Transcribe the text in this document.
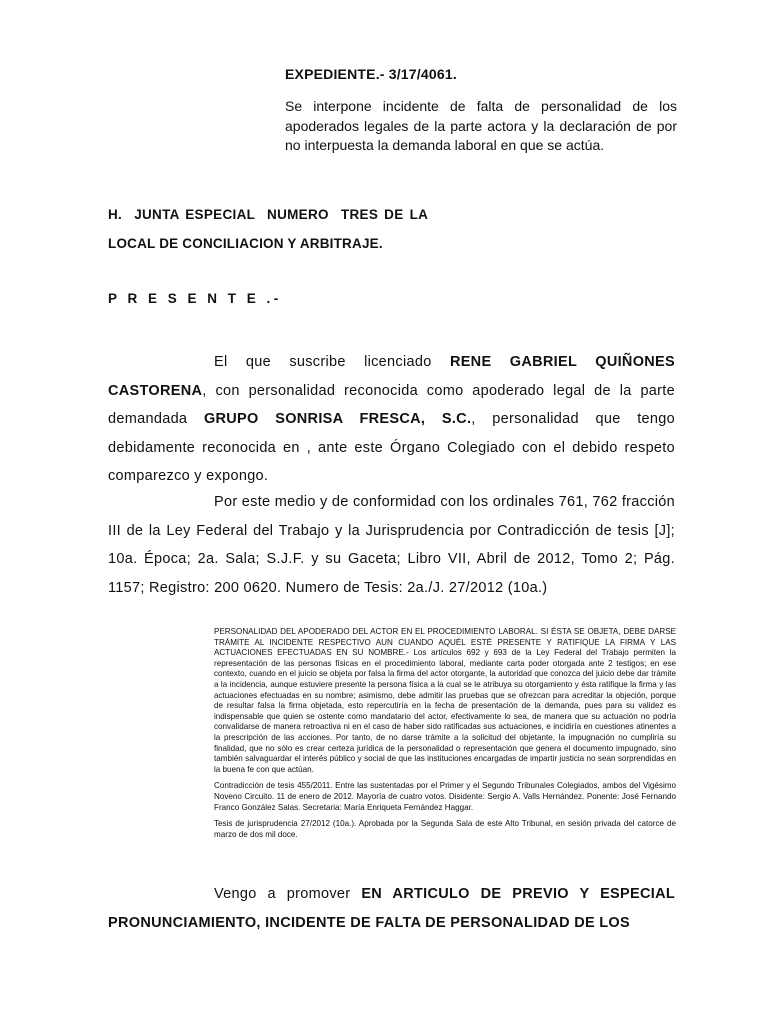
EXPEDIENTE.- 3/17/4061.
Se interpone incidente de falta de personalidad de los apoderados legales de la parte actora y la declaración de por no interpuesta la demanda laboral en que se actúa.
H.  JUNTA ESPECIAL  NUMERO  TRES DE LA
LOCAL DE CONCILIACION Y ARBITRAJE.
P R E S E N T E .-
El que suscribe licenciado RENE GABRIEL QUIÑONES CASTORENA, con personalidad reconocida como apoderado legal de la parte demandada GRUPO SONRISA FRESCA, S.C., personalidad que tengo debidamente reconocida en , ante este Órgano Colegiado con el debido respeto comparezco y expongo.
Por este medio y de conformidad con los ordinales 761, 762 fracción III de la Ley Federal del Trabajo y la Jurisprudencia por Contradicción de tesis [J]; 10a. Época; 2a. Sala; S.J.F. y su Gaceta; Libro VII, Abril de 2012, Tomo 2; Pág. 1157; Registro: 200 0620. Numero de Tesis: 2a./J. 27/2012 (10a.)

PERSONALIDAD DEL APODERADO DEL ACTOR EN EL PROCEDIMIENTO LABORAL. SI ÉSTA SE OBJETA, DEBE DARSE TRÁMITE AL INCIDENTE RESPECTIVO AUN CUANDO AQUÉL ESTÉ PRESENTE Y RATIFIQUE LA FIRMA Y LAS ACTUACIONES EFECTUADAS EN SU NOMBRE.- Los artículos 692 y 693 de la Ley Federal del Trabajo permiten la representación de las personas físicas en el procedimiento laboral, mediante carta poder otorgada ante 2 testigos; en ese contexto, cuando en el juicio se objeta por falsa la firma del actor otorgante, la autoridad que conozca del juicio debe dar trámite a la incidencia, aunque estuviere presente la persona física a la cual se le atribuya su otorgamiento y ésta ratifique la firma y las actuaciones efectuadas en su nombre; asimismo, debe admitir las pruebas que se ofrezcan para acreditar la objeción, porque de resultar falsa la firma objetada, esto repercutiría en la fecha de presentación de la demanda, pues para su validez es indispensable que quien se ostente como mandatario del actor, efectivamente lo sea, de manera que su actuación no podría convalidarse de manera retroactiva ni en el caso de haber sido ratificadas sus actuaciones, e incidiría en cuestiones atinentes a la prescripción de las acciones. Por tanto, de no darse trámite a la solicitud del objetante, la impugnación no cumpliría su finalidad, que no sólo es crear certeza jurídica de la personalidad o representación que genera el documento impugnado, sino también salvaguardar el interés público y social de que las instituciones encargadas de impartir justicia no sean sorprendidas en la buena fe con que actúan.

Contradicción de tesis 455/2011. Entre las sustentadas por el Primer y el Segundo Tribunales Colegiados, ambos del Vigésimo Noveno Circuito. 11 de enero de 2012. Mayoría de cuatro votos. Disidente: Sergio A. Valls Hernández. Ponente: José Fernando Franco González Salas. Secretaria: María Enriqueta Fernández Haggar.

Tesis de jurisprudencia 27/2012 (10a.). Aprobada por la Segunda Sala de este Alto Tribunal, en sesión privada del catorce de marzo de dos mil doce.

Vengo a promover EN ARTICULO DE PREVIO Y ESPECIAL PRONUNCIAMIENTO, INCIDENTE DE FALTA DE PERSONALIDAD DE LOS
